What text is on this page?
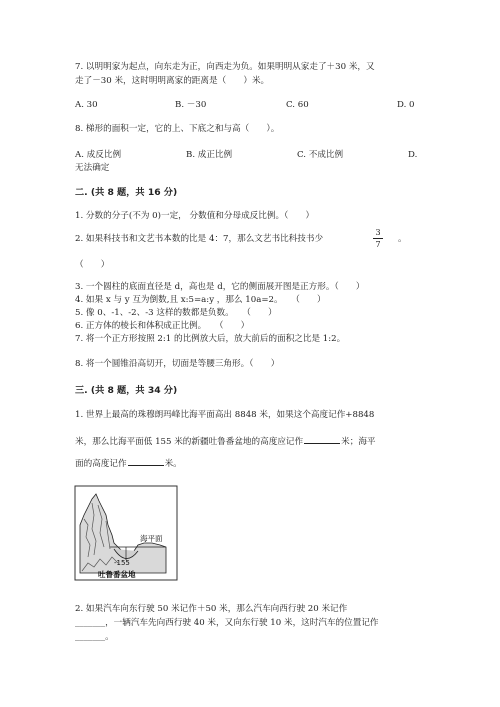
7. 以明明家为起点，向东走为正，向西走为负。如果明明从家走了＋30 米，又
走了－30 米，这时明明离家的距离是（　　）米。
A. 30	B. －30	C. 60	D. 0
8. 梯形的面积一定，它的上、下底之和与高（　　）。
A. 成反比例	B. 成正比例	C. 不成比例	D.
无法确定
二. (共 8 题，共 16 分)
1. 分数的分子(不为 0)一定， 分数值和分母成反比例。（　　）
2. 如果科技书和文艺书本数的比是 4：7，那么文艺书比科技书少
3
7
。
（　　）
3. 一个圆柱的底面直径是 d，高也是 d，它的侧面展开图是正方形。（　　）
4. 如果 x 与 y 互为倒数,且 x:5=a:y ，那么 10a=2。　　（　　）
5. 像 0、-1、-2、-3 这样的数都是负数。　　（　　）
6. 正方体的棱长和体积成正比例。　　（　　）
7. 将一个正方形按照 2:1 的比例放大后，放大前后的面积之比是 1:2。
8. 将一个圆锥沿高切开，切面是等腰三角形。（　　）
三. (共 8 题，共 34 分)
1. 世界上最高的珠穆朗玛峰比海平面高出 8848 米，如果这个高度记作+8848
米，那么比海平面低 155 米的新疆吐鲁番盆地的高度应记作	米；海平
面的高度记作	米。
海平面
-155
吐鲁番盆地
2. 如果汽车向东行驶 50 米记作＋50 米，那么汽车向西行驶 20 米记作
_______，一辆汽车先向西行驶 40 米，又向东行驶 10 米，这时汽车的位置记作
_______。
